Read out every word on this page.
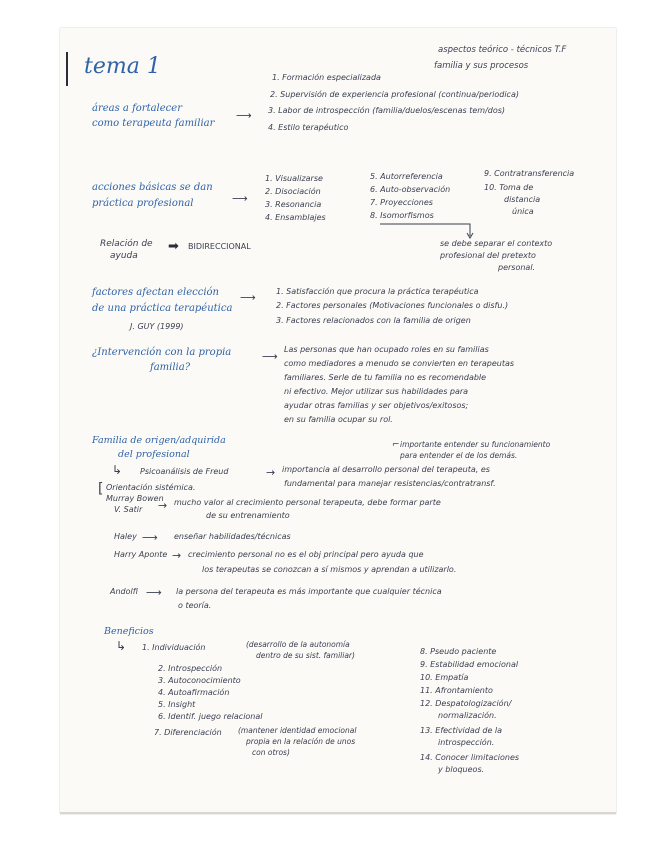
tema 1
aspectos teórico - técnicos T.F
familia y sus procesos
áreas a fortalecer
como terapeuta familiar
⟶
1. Formación especializada
2. Supervisión de experiencia profesional (continua/periodica)
3. Labor de introspección (familia/duelos/escenas tem/dos)
4. Estilo terapéutico
acciones básicas se dan
práctica profesional	⟶
1. Visualizarse
2. Disociación
3. Resonancia
4. Ensamblajes
5. Autorreferencia
6. Auto-observación
7. Proyecciones
8. Isomorfismos
9. Contratransferencia
10. Toma de
distancia
única
se debe separar el contexto
profesional del pretexto
personal.
Relación de
ayuda
➡ BIDIRECCIONAL
factores afectan elección
de una práctica terapéutica
J. GUY (1999)
⟶	1. Satisfacción que procura la práctica terapéutica
2. Factores personales (Motivaciones funcionales o disfu.)
3. Factores relacionados con la familia de origen
¿Intervención con la propia
familia?
⟶
Las personas que han ocupado roles en su familias
como mediadores a menudo se convierten en terapeutas
familiares. Serle de tu familia no es recomendable
ni efectivo. Mejor utilizar sus habilidades para
ayudar otras familias y ser objetivos/exitosos;
en su familia ocupar su rol.
Familia de origen/adquirida
del profesional
importante entender su funcionamiento
para entender el de los demás.
⌐
↳ Psicoanálisis de Freud	→ importancia al desarrollo personal del terapeuta, es
fundamental para manejar resistencias/contratransf.
[ Orientación sistémica.
Murray Bowen
V. Satir → mucho valor al crecimiento personal terapeuta, debe formar parte
de su entrenamiento
Haley ⟶ enseñar habilidades/técnicas
Harry Aponte → crecimiento personal no es el obj principal pero ayuda que
los terapeutas se conozcan a sí mismos y aprendan a utilizarlo.
Andolfi ⟶ la persona del terapeuta es más importante que cualquier técnica
o teoría.
Beneficios
↳ 1. Individuación	(desarrollo de la autonomía
dentro de su sist. familiar)
2. Introspección
3. Autoconocimiento
4. Autoafirmación
5. Insight
6. Identif. juego relacional
7. Diferenciación (mantener identidad emocional
propia en la relación de unos
con otros)
8. Pseudo paciente
9. Estabilidad emocional
10. Empatía
11. Afrontamiento
12. Despatologización/
normalización.
13. Efectividad de la
introspección.
14. Conocer limitaciones
y bloqueos.
